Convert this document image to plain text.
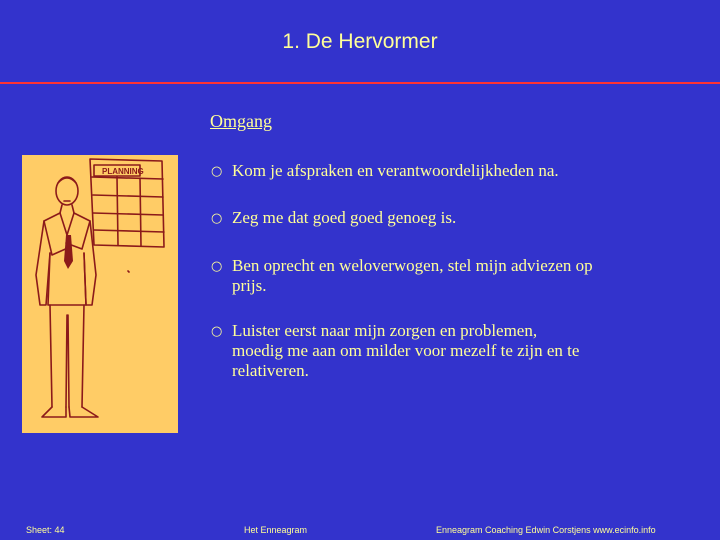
1. De Hervormer
Omgang
PLANNING	○ Kom je afspraken en verantwoordelijkheden na.
○ Zeg me dat goed goed genoeg is.
○ Ben oprecht en weloverwogen, stel mijn adviezen op
prijs.
○ Luister eerst naar mijn zorgen en problemen,
moedig me aan om milder voor mezelf te zijn en te
relativeren.
Sheet: 44	Het Enneagram	Enneagram Coaching Edwin Corstjens www.ecinfo.info
